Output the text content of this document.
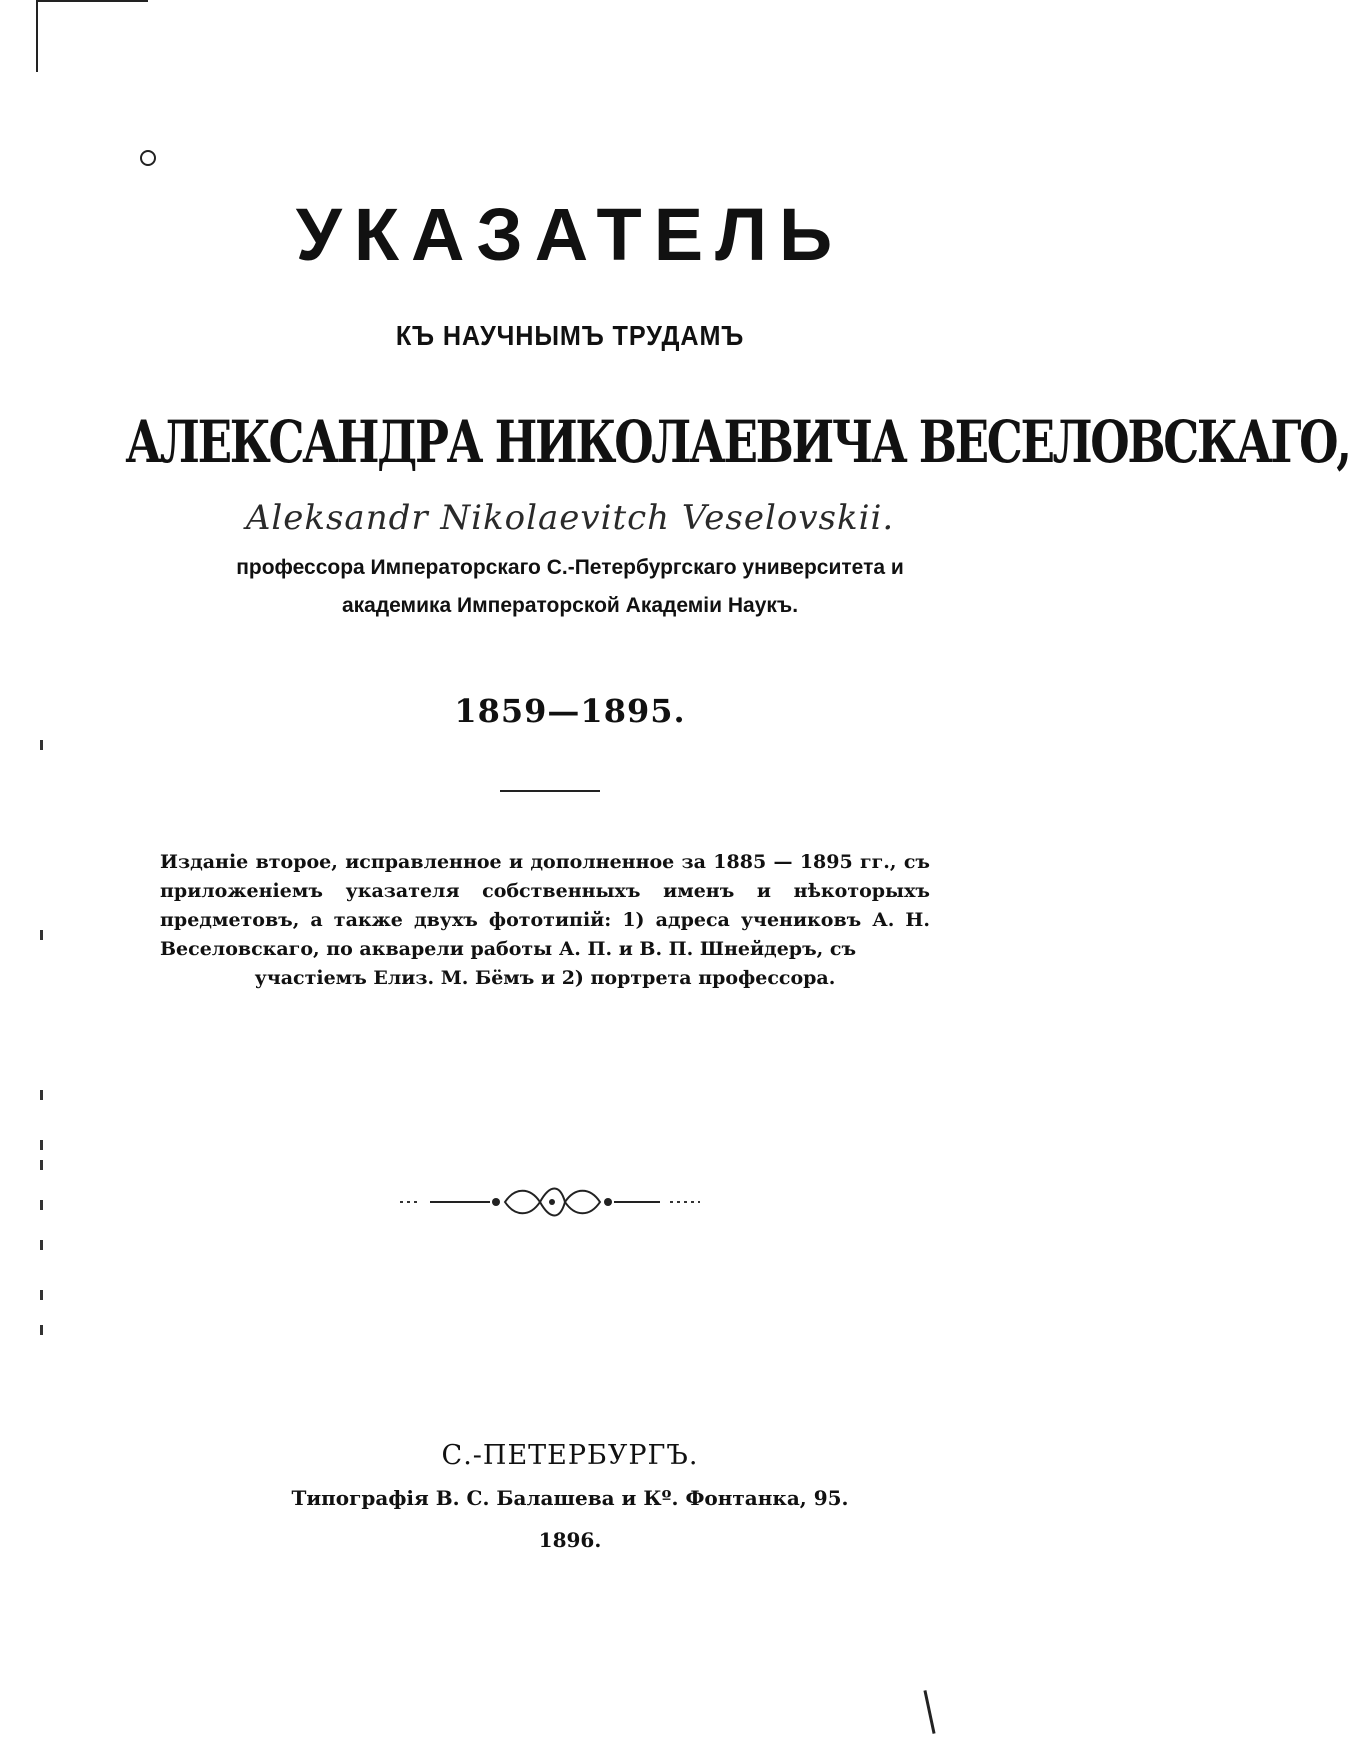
УКАЗАТЕЛЬ
КЪ НАУЧНЫМЪ ТРУДАМЪ
АЛЕКСАНДРА НИКОЛАЕВИЧА ВЕСЕЛОВСКАГО,
Aleksandr Nikolaevitch Veselovskii.
профессора Императорскаго С.-Петербургскаго университета и
академика Императорской Академіи Наукъ.
1859—1895.
Изданіе второе, исправленное и дополненное за 1885 — 1895 гг., съ приложеніемъ указателя собственныхъ именъ и нѣкоторыхъ предметовъ, а также двухъ фототипій: 1) адреса учениковъ А. Н. Веселовскаго, по акварели работы А. П. и В. П. Шнейдеръ, съ
участіемъ Елиз. М. Бёмъ и 2) портрета профессора.
С.-ПЕТЕРБУРГЪ.
Типографія В. С. Балашева и Кº. Фонтанка, 95.
1896.
